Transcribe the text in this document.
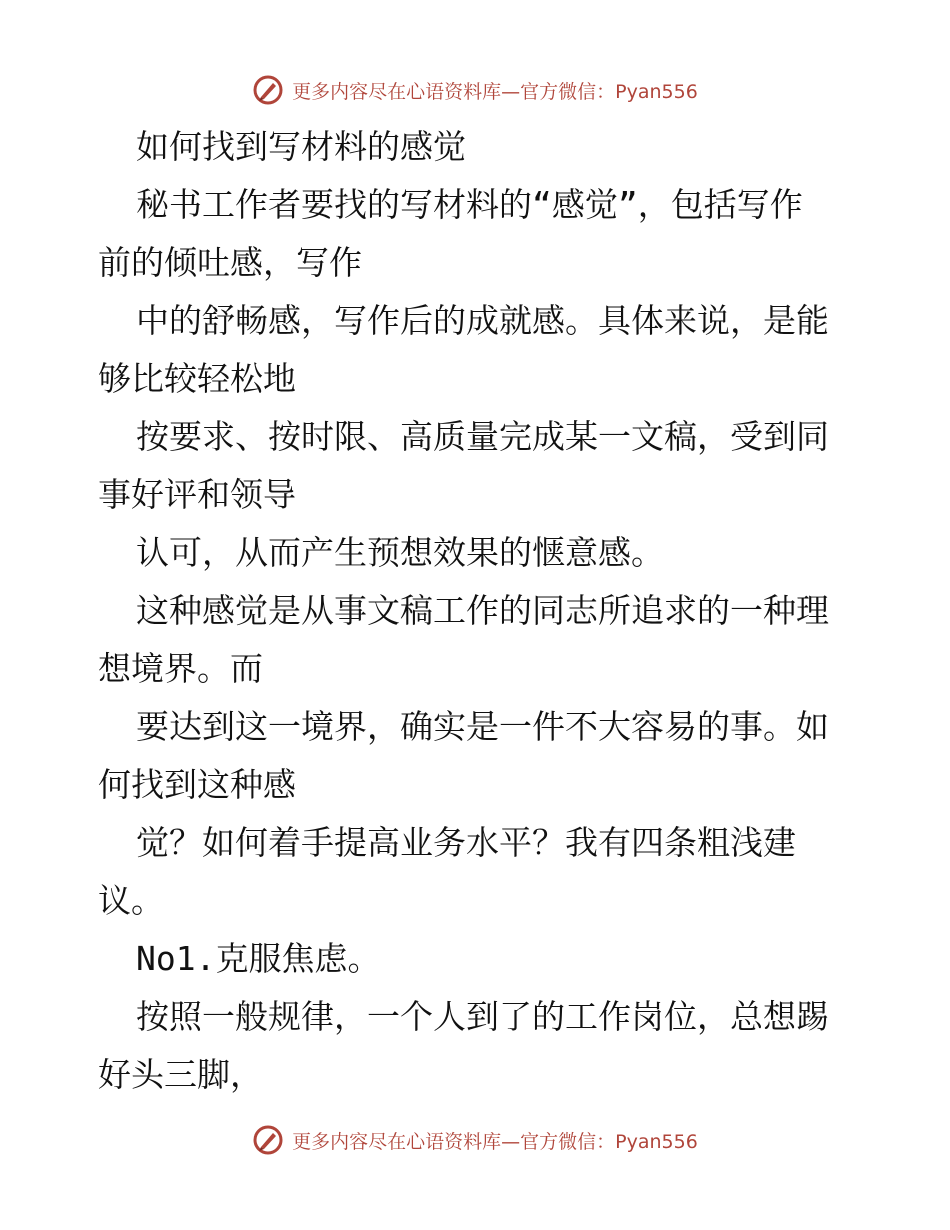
更多内容尽在心语资料库—官方微信：Pyan556
如何找到写材料的感觉
秘书工作者要找的写材料的“感觉”，包括写作
前的倾吐感，写作
中的舒畅感，写作后的成就感。具体来说，是能
够比较轻松地
按要求、按时限、高质量完成某一文稿，受到同
事好评和领导
认可，从而产生预想效果的惬意感。
这种感觉是从事文稿工作的同志所追求的一种理
想境界。而
要达到这一境界，确实是一件不大容易的事。如
何找到这种感
觉？如何着手提高业务水平？我有四条粗浅建
议。
No1.克服焦虑。
按照一般规律，一个人到了的工作岗位，总想踢
好头三脚，
更多内容尽在心语资料库—官方微信：Pyan556
